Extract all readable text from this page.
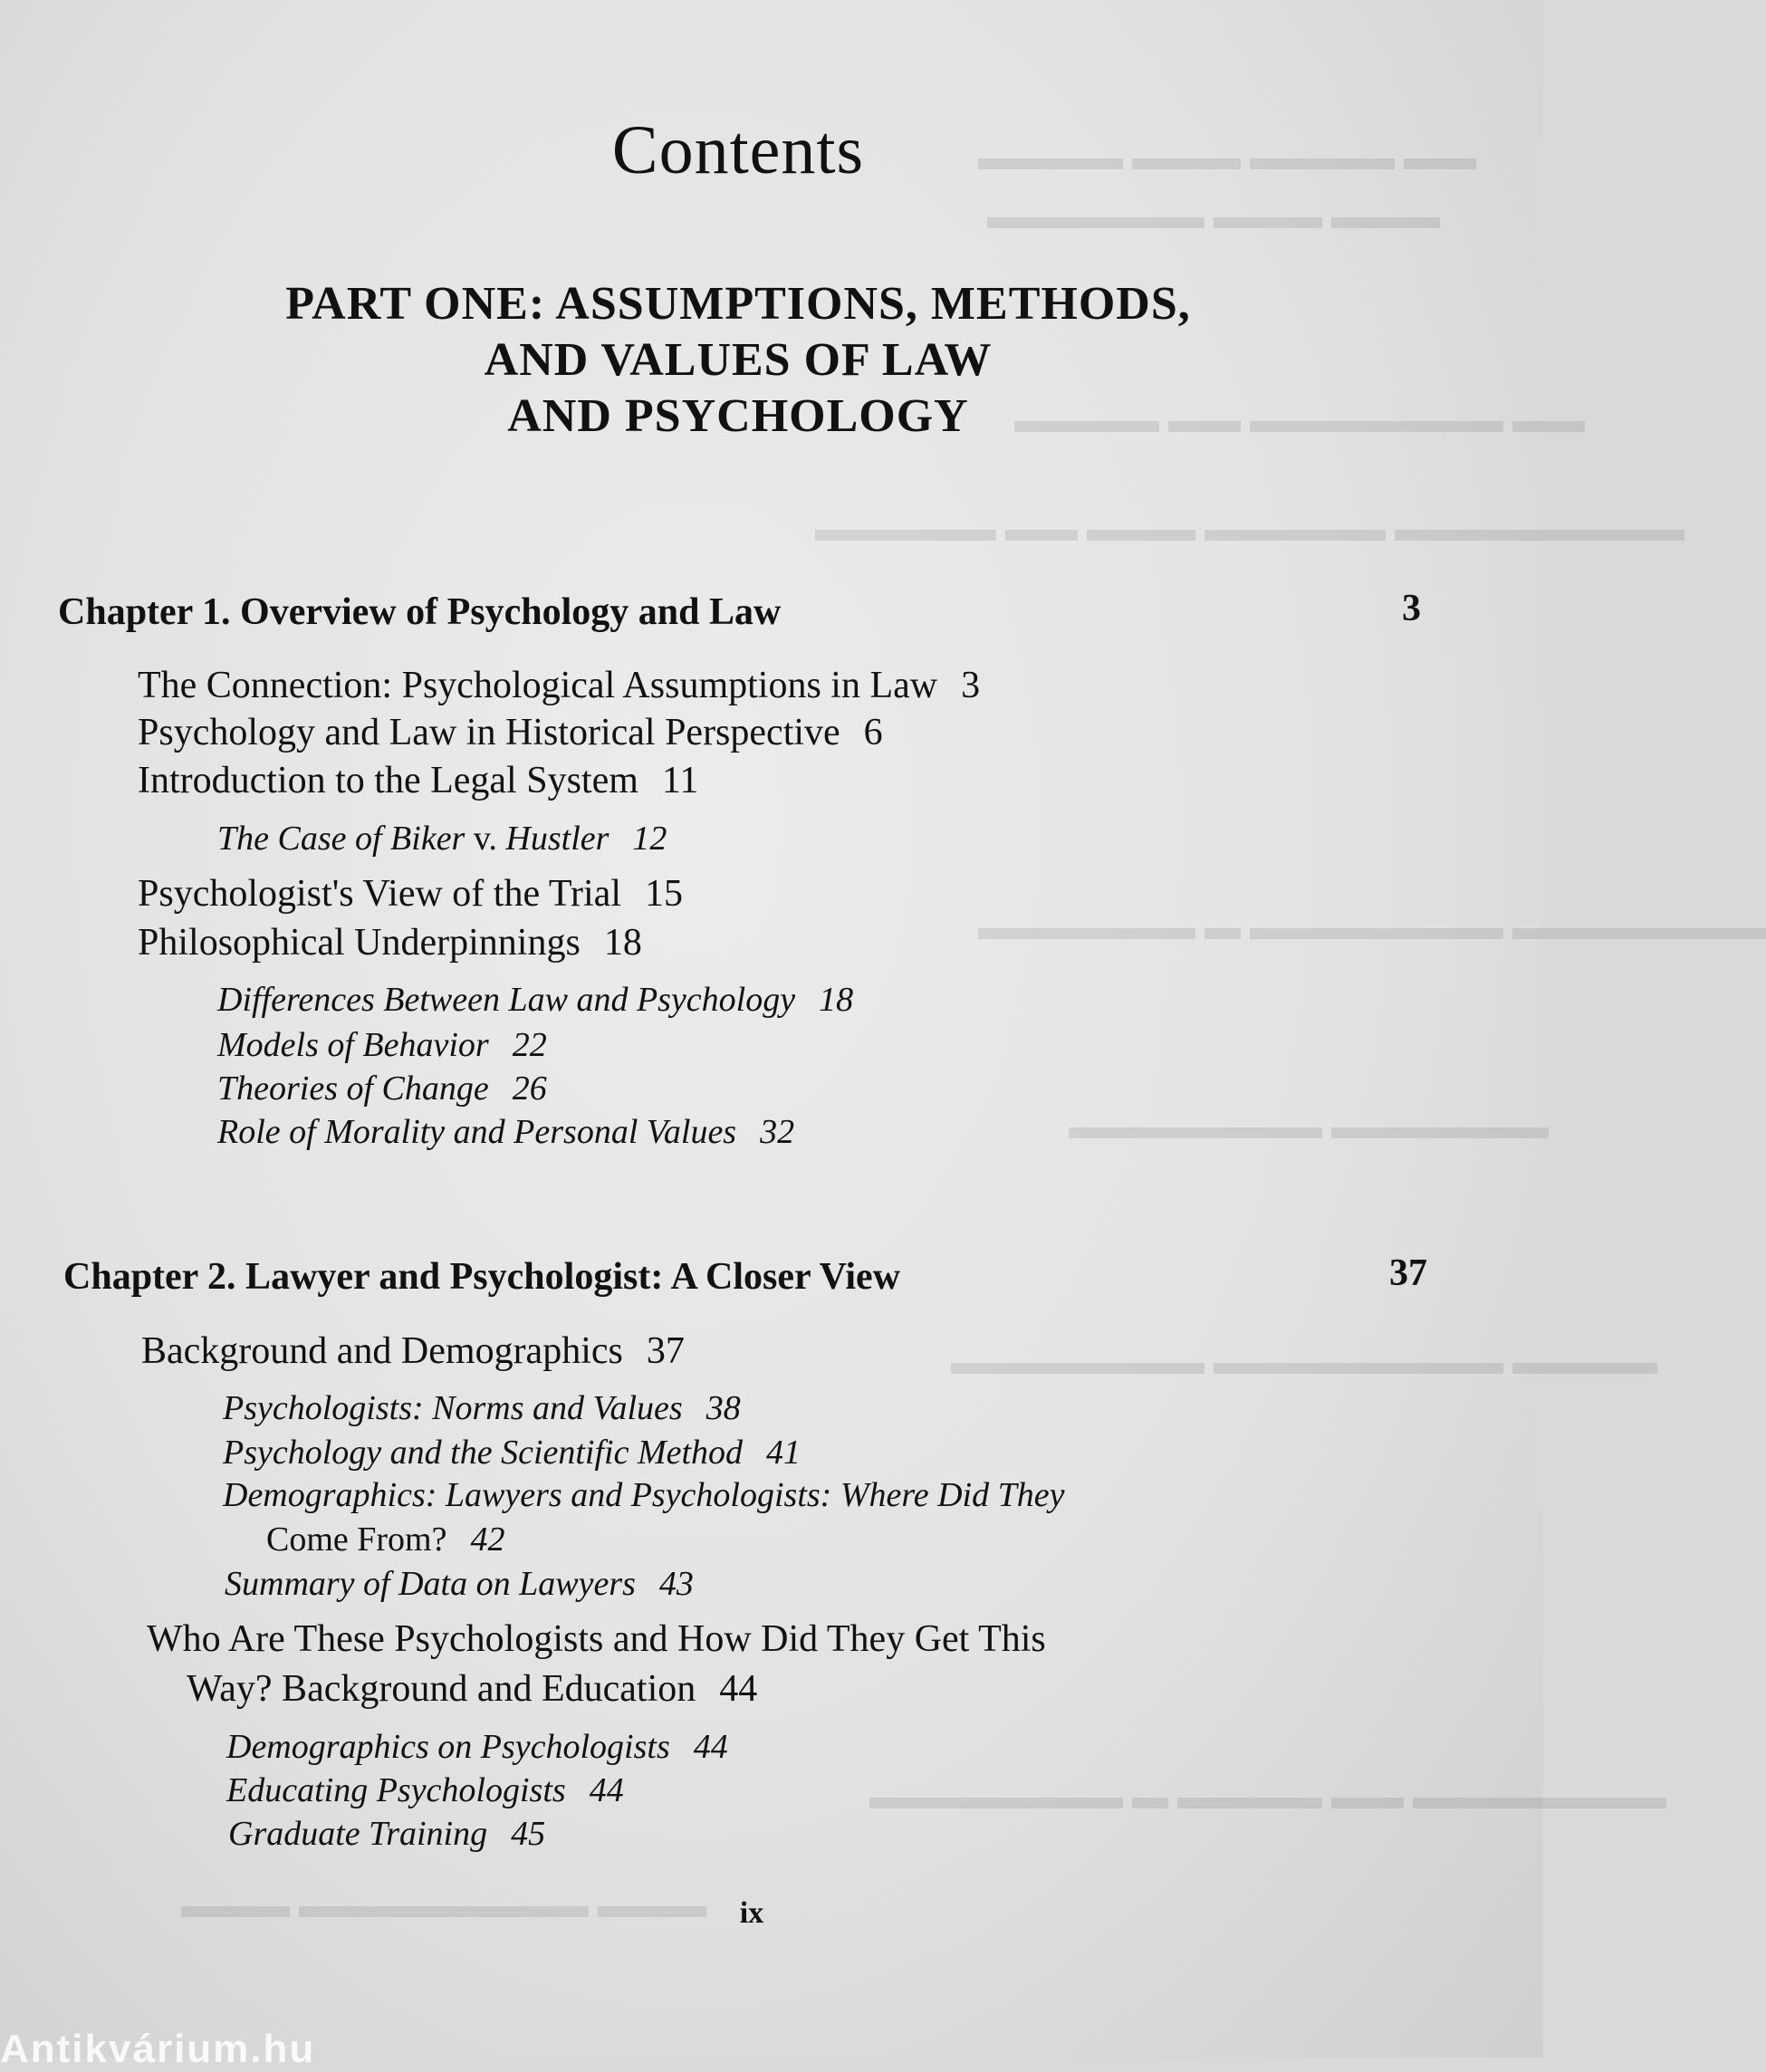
▬▬▬▬ ▬▬▬ ▬▬▬▬ ▬▬
▬▬▬▬▬▬ ▬▬▬ ▬▬▬
▬▬▬▬ ▬▬ ▬▬▬▬▬▬▬ ▬▬
▬▬▬▬▬ ▬▬ ▬▬▬ ▬▬▬▬▬ ▬▬▬▬▬▬▬▬
▬▬▬▬▬▬ ▬ ▬▬▬▬▬▬▬ ▬▬▬▬▬▬▬
▬▬▬▬▬▬▬ ▬▬▬▬▬▬
▬▬▬▬▬▬▬ ▬▬▬▬▬▬▬▬ ▬▬▬▬
▬▬▬▬▬▬▬ ▬ ▬▬▬▬ ▬▬ ▬▬▬▬▬▬▬
▬▬▬ ▬▬▬▬▬▬▬▬ ▬▬▬
Contents
PART ONE: ASSUMPTIONS, METHODS,
AND VALUES OF LAW
AND PSYCHOLOGY
Chapter 1. Overview of Psychology and Law	3
The Connection: Psychological Assumptions in Law 3
Psychology and Law in Historical Perspective 6
Introduction to the Legal System 11
The Case of Biker v. Hustler 12
Psychologist's View of the Trial 15
Philosophical Underpinnings 18
Differences Between Law and Psychology 18
Models of Behavior 22
Theories of Change 26
Role of Morality and Personal Values 32
Chapter 2. Lawyer and Psychologist: A Closer View	37
Background and Demographics 37
Psychologists: Norms and Values 38
Psychology and the Scientific Method 41
Demographics: Lawyers and Psychologists: Where Did They
Come From? 42
Summary of Data on Lawyers 43
Who Are These Psychologists and How Did They Get This
Way? Background and Education 44
Demographics on Psychologists 44
Educating Psychologists 44
Graduate Training 45
ix
Antikvárium.hu
